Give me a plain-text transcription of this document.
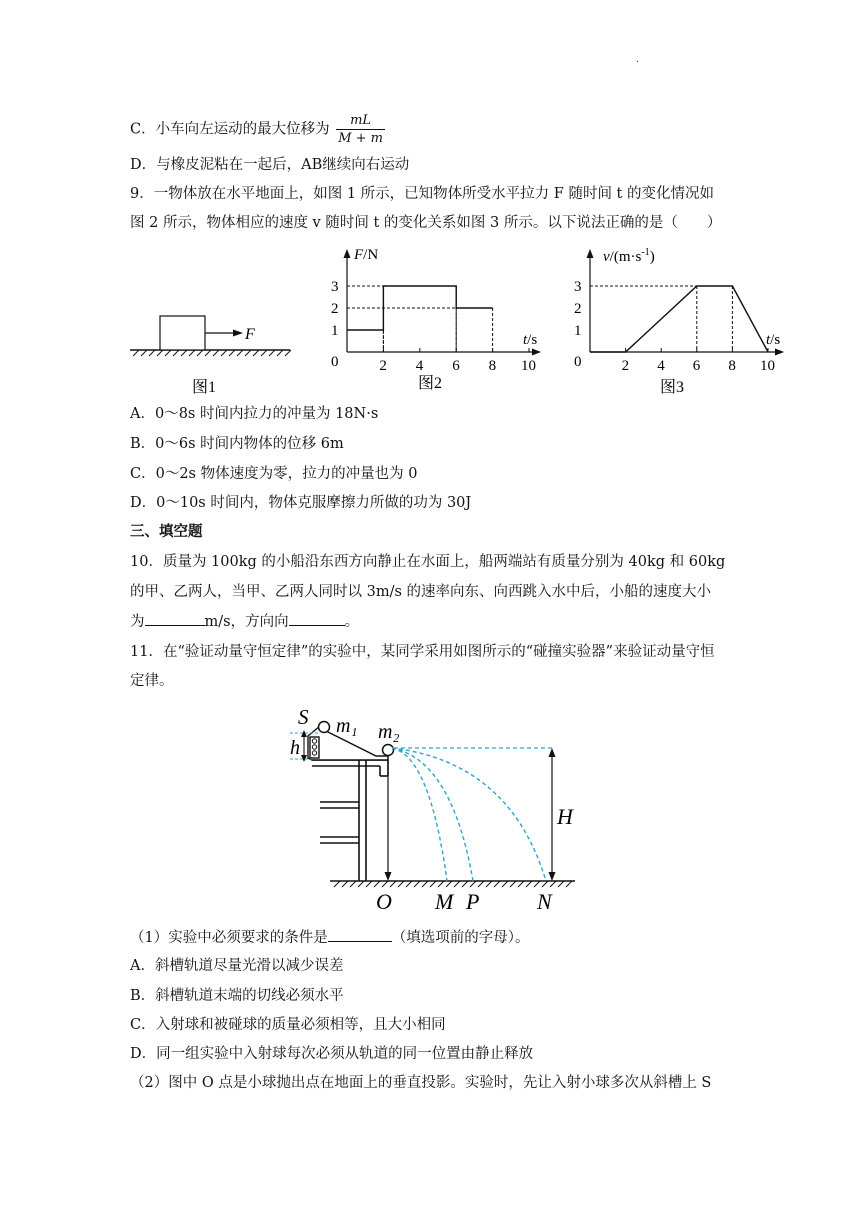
.
C．小车向左运动的最大位移为 $\frac{mL}{M + m}$
D．与橡皮泥粘在一起后，AB继续向右运动
9．一物体放在水平地面上，如图 1 所示，已知物体所受水平拉力 F 随时间 t 的变化情况如
图 2 所示，物体相应的速度 v 随时间 t 的变化关系如图 3 所示。以下说法正确的是（　　）
F
图1
F/N
t/s
0
1
2
3
2 4 6 8 10
图2
$v/(m\cdot s^{-1})$
t/s
0
1
2
3
2 4 6 8 10
图3
A．0～8s 时间内拉力的冲量为 18N·s
B．0～6s 时间内物体的位移 6m
C．0～2s 物体速度为零，拉力的冲量也为 0
D．0～10s 时间内，物体克服摩擦力所做的功为 30J
三、填空题
10．质量为 100kg 的小船沿东西方向静止在水面上，船两端站有质量分别为 40kg 和 60kg
的甲、乙两人，当甲、乙两人同时以 3m/s 的速率向东、向西跳入水中后，小船的速度大小
为	m/s，方向向	。
11．在“验证动量守恒定律”的实验中，某同学采用如图所示的“碰撞实验器”来验证动量守恒
定律。
S m₁ m₂
h
H
O M P	N
（1）实验中必须要求的条件是	（填选项前的字母）。
A．斜槽轨道尽量光滑以减少误差
B．斜槽轨道末端的切线必须水平
C．入射球和被碰球的质量必须相等，且大小相同
D．同一组实验中入射球每次必须从轨道的同一位置由静止释放
（2）图中 O 点是小球抛出点在地面上的垂直投影。实验时，先让入射小球多次从斜槽上 S
